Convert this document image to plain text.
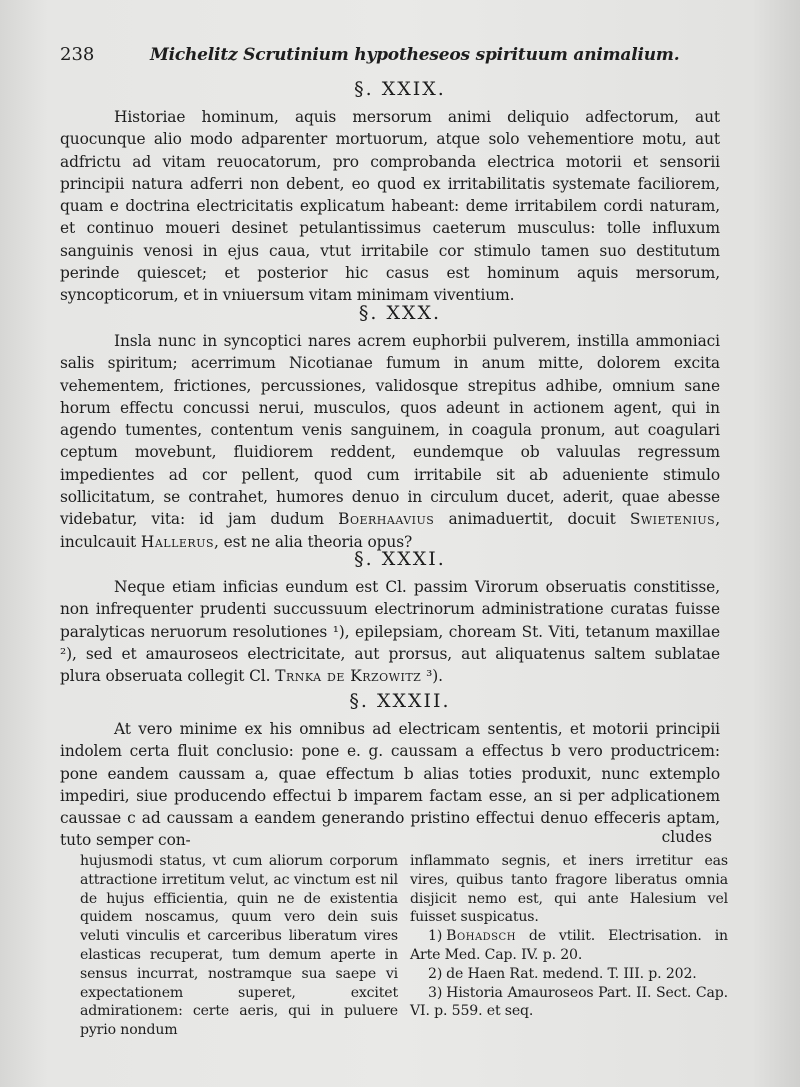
238	Michelitz Scrutinium hypotheseos spirituum animalium.
§. XXIX.
Historiae hominum, aquis mersorum animi deliquio adfectorum, aut quocunque alio modo adparenter mortuorum, atque solo vehementiore motu, aut adfrictu ad vitam reuocatorum, pro comprobanda electrica motorii et sensorii principii natura adferri non debent, eo quod ex irritabilitatis systemate faciliorem, quam e doctrina electricitatis explicatum habeant: deme irritabilem cordi naturam, et continuo moueri desinet petulantissimus caeterum musculus: tolle influxum sanguinis venosi in ejus caua, vtut irritabile cor stimulo tamen suo destitutum perinde quiescet; et posterior hic casus est hominum aquis mersorum, syncopticorum, et in vniuersum vitam minimam viventium.
§. XXX.
Insla nunc in syncoptici nares acrem euphorbii pulverem, instilla ammoniaci salis spiritum; acerrimum Nicotianae fumum in anum mitte, dolorem excita vehementem, frictiones, percussiones, validosque strepitus adhibe, omnium sane horum effectu concussi nerui, musculos, quos adeunt in actionem agent, qui in agendo tumentes, contentum venis sanguinem, in coagula pronum, aut coagulari ceptum movebunt, fluidiorem reddent, eundemque ob valuulas regressum impedientes ad cor pellent, quod cum irritabile sit ab adueniente stimulo sollicitatum, se contrahet, humores denuo in circulum ducet, aderit, quae abesse videbatur, vita: id jam dudum Boerhaavius animaduertit, docuit Swietenius, inculcauit Hallerus, est ne alia theoria opus?
§. XXXI.
Neque etiam inficias eundum est Cl. passim Virorum obseruatis constitisse, non infrequenter prudenti succussuum electrinorum administratione curatas fuisse paralyticas neruorum resolutiones ¹), epilepsiam, choream St. Viti, tetanum maxillae ²), sed et amauroseos electricitate, aut prorsus, aut aliquatenus saltem sublatae plura obseruata collegit Cl. Trnka de Krzowitz ³).
§. XXXII.
At vero minime ex his omnibus ad electricam sententis, et motorii principii indolem certa fluit conclusio: pone e. g. caussam a effectus b vero productricem: pone eandem caussam a, quae effectum b alias toties produxit, nunc extemplo impediri, siue producendo effectui b imparem factam esse, an si per adplicationem caussae c ad caussam a eandem generando pristino effectui denuo effeceris aptam, tuto semper con-	cludes
hujusmodi status, vt cum aliorum corporum attractione irretitum velut, ac vinctum est nil de hujus efficientia, quin ne de existentia quidem noscamus, quum vero dein suis veluti vinculis et carceribus liberatum vires elasticas recuperat, tum demum aperte in sensus incurrat, nostramque sua saepe vi expectationem superet, excitet admirationem: certe aeris, qui in puluere pyrio nondum

inflammato segnis, et iners irretitur eas vires, quibus tanto fragore liberatus omnia disjicit nemo est, qui ante Halesium vel fuisset suspicatus.

1) Bohadsch de vtilit. Electrisation. in Arte Med. Cap. IV. p. 20.

2) de Haen Rat. medend. T. III. p. 202.

3) Historia Amauroseos Part. II. Sect. Cap. VI. p. 559. et seq.
